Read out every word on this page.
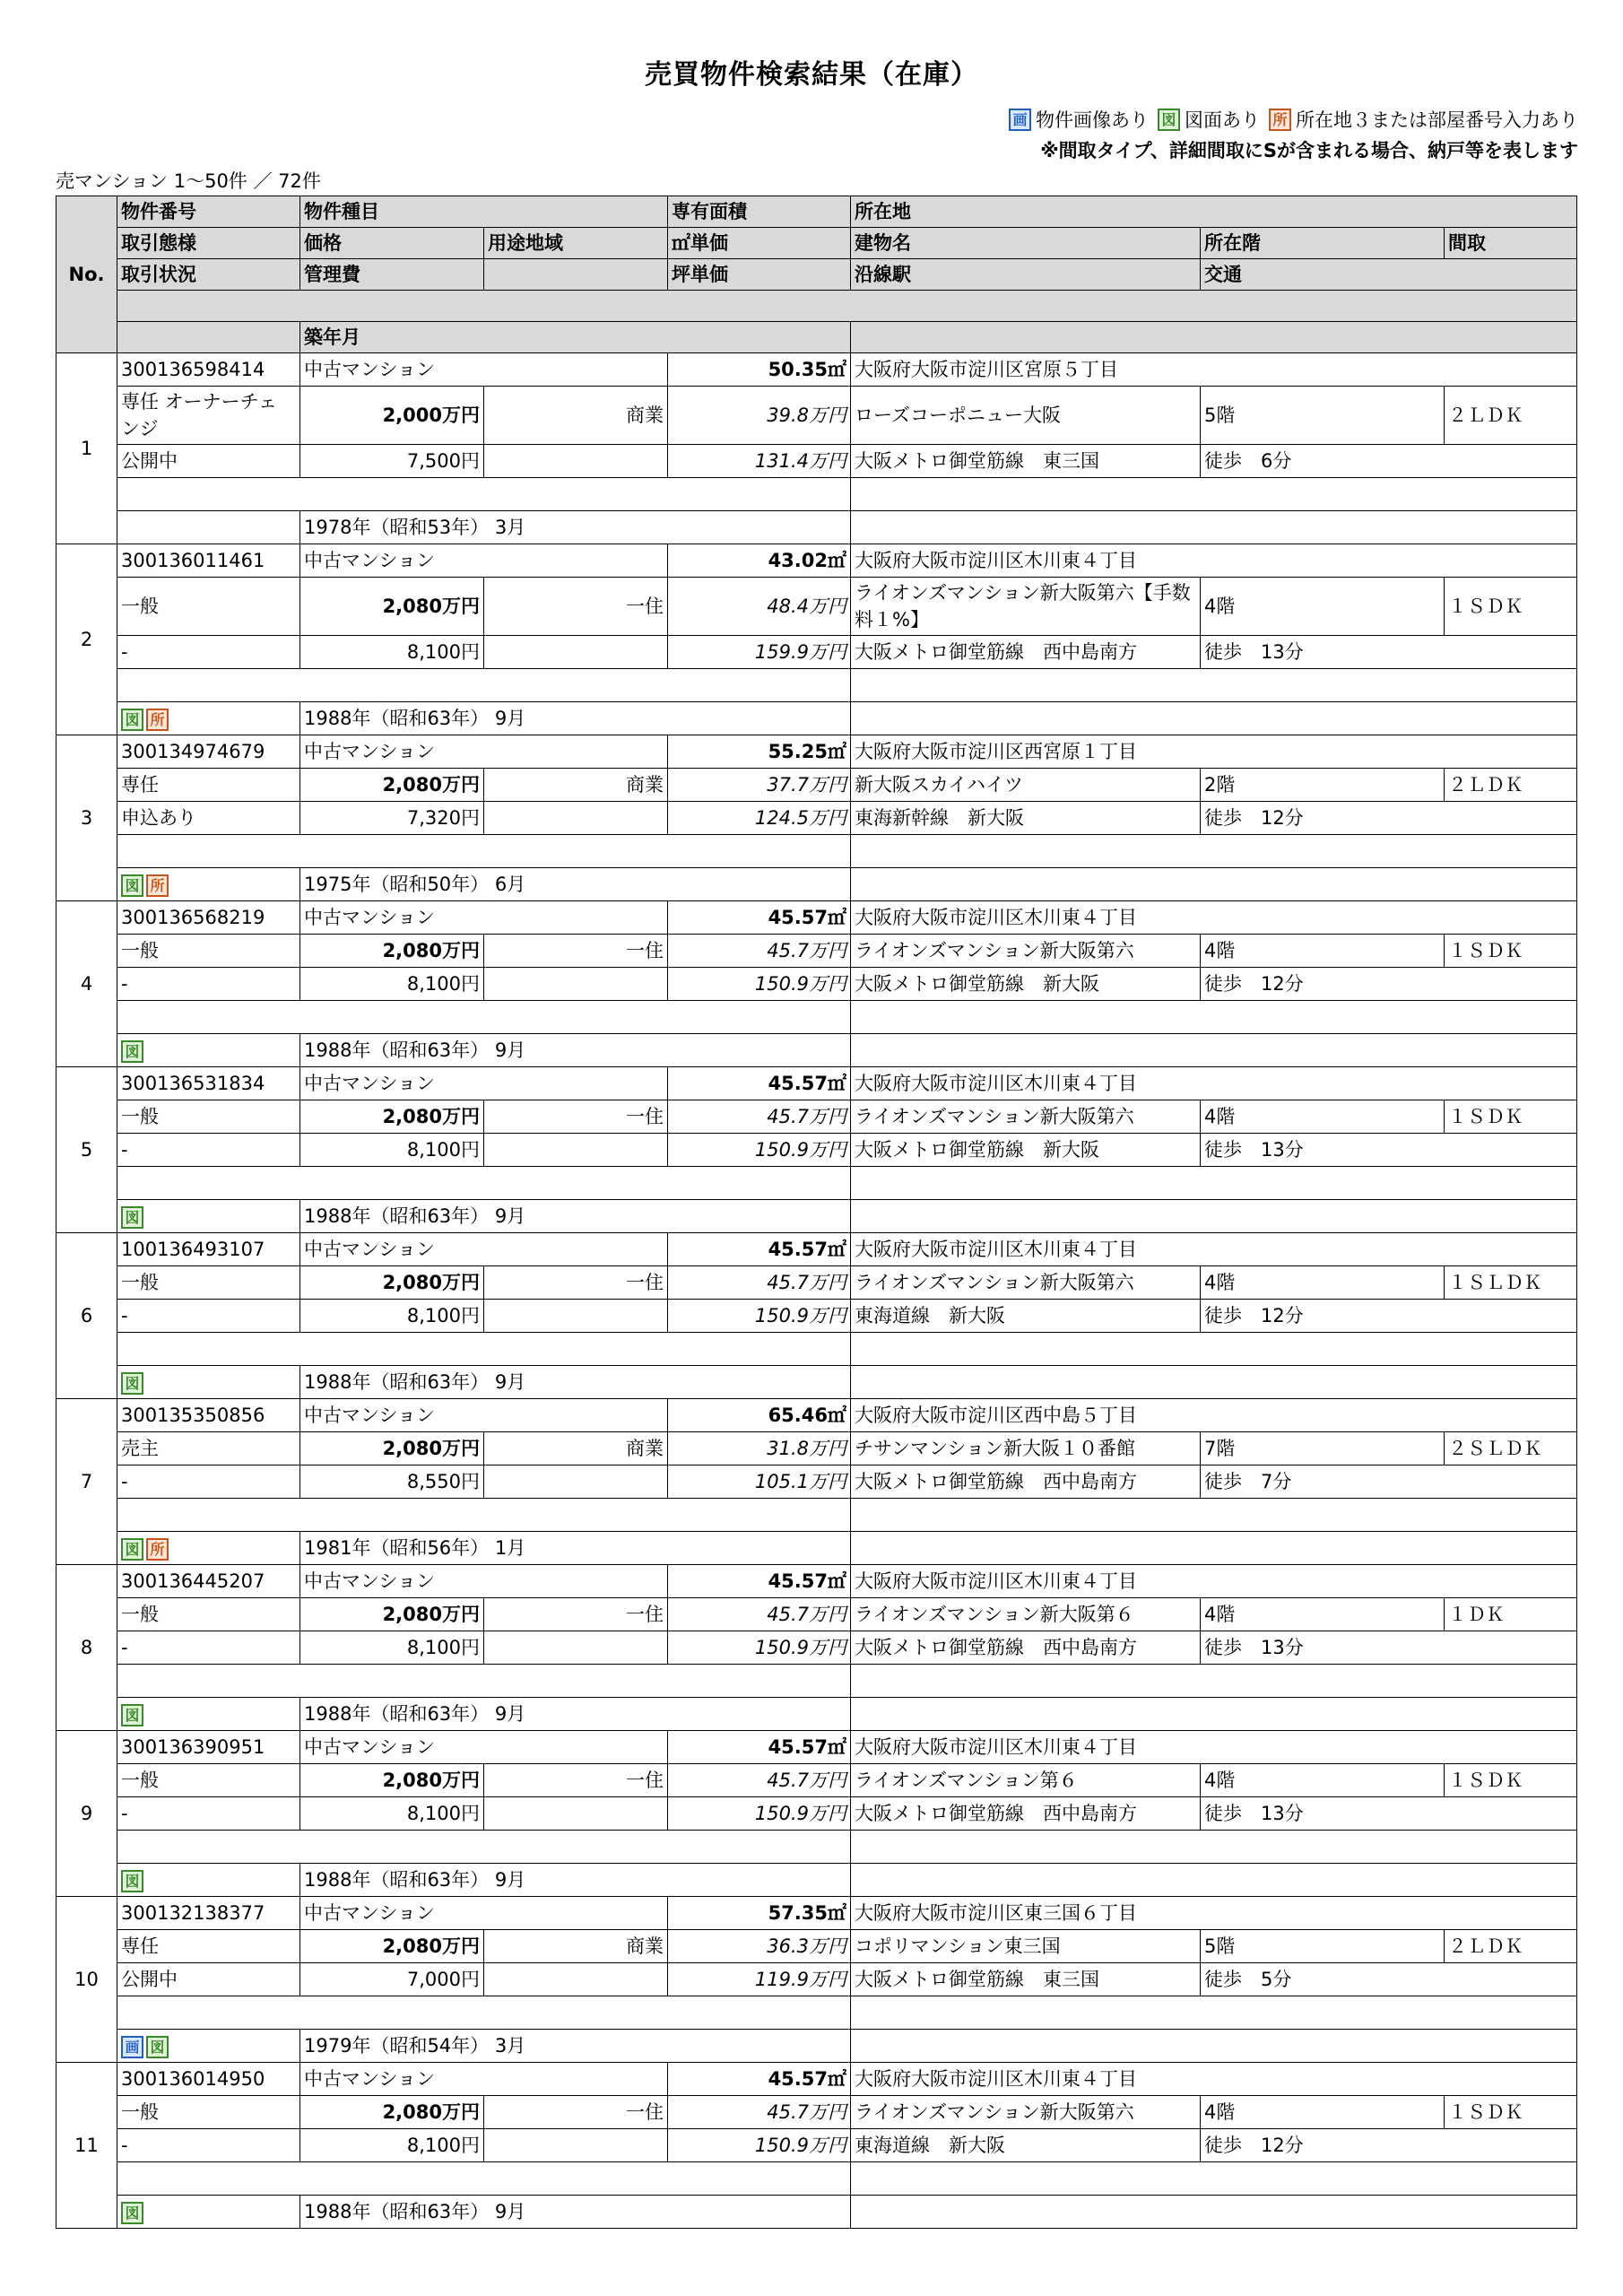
売買物件検索結果（在庫）
画 物件画像あり 図 図面あり 所 所在地３または部屋番号入力あり
※間取タイプ、詳細間取にSが含まれる場合、納戸等を表します
売マンション 1〜50件 ／ 72件
No.	物件番号	物件種目		専有面積	所在地		
	取引態様	価格	用途地域	㎡単価	建物名	所在階	間取
	取引状況	管理費		坪単価	沿線駅	交通	

		築年月					
1	300136598414	中古マンション		50.35㎡	大阪府大阪市淀川区宮原５丁目		
	専任 オーナーチェンジ	2,000万円	商業	39.8万円	ローズコーポニュー大阪	5階	２ＬＤＫ
	公開中	7,500円		131.4万円	大阪メトロ御堂筋線　東三国	徒歩　6分	

		1978年（昭和53年） 3月					
2	300136011461	中古マンション		43.02㎡	大阪府大阪市淀川区木川東４丁目		
	一般	2,080万円	一住	48.4万円	ライオンズマンション新大阪第六【手数料１%】	4階	１ＳＤＫ
	-	8,100円		159.9万円	大阪メトロ御堂筋線　西中島南方	徒歩　13分	

	図 所	1988年（昭和63年） 9月					
3	300134974679	中古マンション		55.25㎡	大阪府大阪市淀川区西宮原１丁目		
	専任	2,080万円	商業	37.7万円	新大阪スカイハイツ	2階	２ＬＤＫ
	申込あり	7,320円		124.5万円	東海新幹線　新大阪	徒歩　12分	

	図 所	1975年（昭和50年） 6月					
4	300136568219	中古マンション		45.57㎡	大阪府大阪市淀川区木川東４丁目		
	一般	2,080万円	一住	45.7万円	ライオンズマンション新大阪第六	4階	１ＳＤＫ
	-	8,100円		150.9万円	大阪メトロ御堂筋線　新大阪	徒歩　12分	

	図	1988年（昭和63年） 9月					
5	300136531834	中古マンション		45.57㎡	大阪府大阪市淀川区木川東４丁目		
	一般	2,080万円	一住	45.7万円	ライオンズマンション新大阪第六	4階	１ＳＤＫ
	-	8,100円		150.9万円	大阪メトロ御堂筋線　新大阪	徒歩　13分	

	図	1988年（昭和63年） 9月					
6	100136493107	中古マンション		45.57㎡	大阪府大阪市淀川区木川東４丁目		
	一般	2,080万円	一住	45.7万円	ライオンズマンション新大阪第六	4階	１ＳＬＤＫ
	-	8,100円		150.9万円	東海道線　新大阪	徒歩　12分	

	図	1988年（昭和63年） 9月					
7	300135350856	中古マンション		65.46㎡	大阪府大阪市淀川区西中島５丁目		
	売主	2,080万円	商業	31.8万円	チサンマンション新大阪１０番館	7階	２ＳＬＤＫ
	-	8,550円		105.1万円	大阪メトロ御堂筋線　西中島南方	徒歩　7分	

	図 所	1981年（昭和56年） 1月					
8	300136445207	中古マンション		45.57㎡	大阪府大阪市淀川区木川東４丁目		
	一般	2,080万円	一住	45.7万円	ライオンズマンション新大阪第６	4階	１ＤＫ
	-	8,100円		150.9万円	大阪メトロ御堂筋線　西中島南方	徒歩　13分	

	図	1988年（昭和63年） 9月					
9	300136390951	中古マンション		45.57㎡	大阪府大阪市淀川区木川東４丁目		
	一般	2,080万円	一住	45.7万円	ライオンズマンション第６	4階	１ＳＤＫ
	-	8,100円		150.9万円	大阪メトロ御堂筋線　西中島南方	徒歩　13分	

	図	1988年（昭和63年） 9月					
10	300132138377	中古マンション		57.35㎡	大阪府大阪市淀川区東三国６丁目		
	専任	2,080万円	商業	36.3万円	コポリマンション東三国	5階	２ＬＤＫ
	公開中	7,000円		119.9万円	大阪メトロ御堂筋線　東三国	徒歩　5分	

	画 図	1979年（昭和54年） 3月					
11	300136014950	中古マンション		45.57㎡	大阪府大阪市淀川区木川東４丁目		
	一般	2,080万円	一住	45.7万円	ライオンズマンション新大阪第六	4階	１ＳＤＫ
	-	8,100円		150.9万円	東海道線　新大阪	徒歩　12分	

	図	1988年（昭和63年） 9月					
